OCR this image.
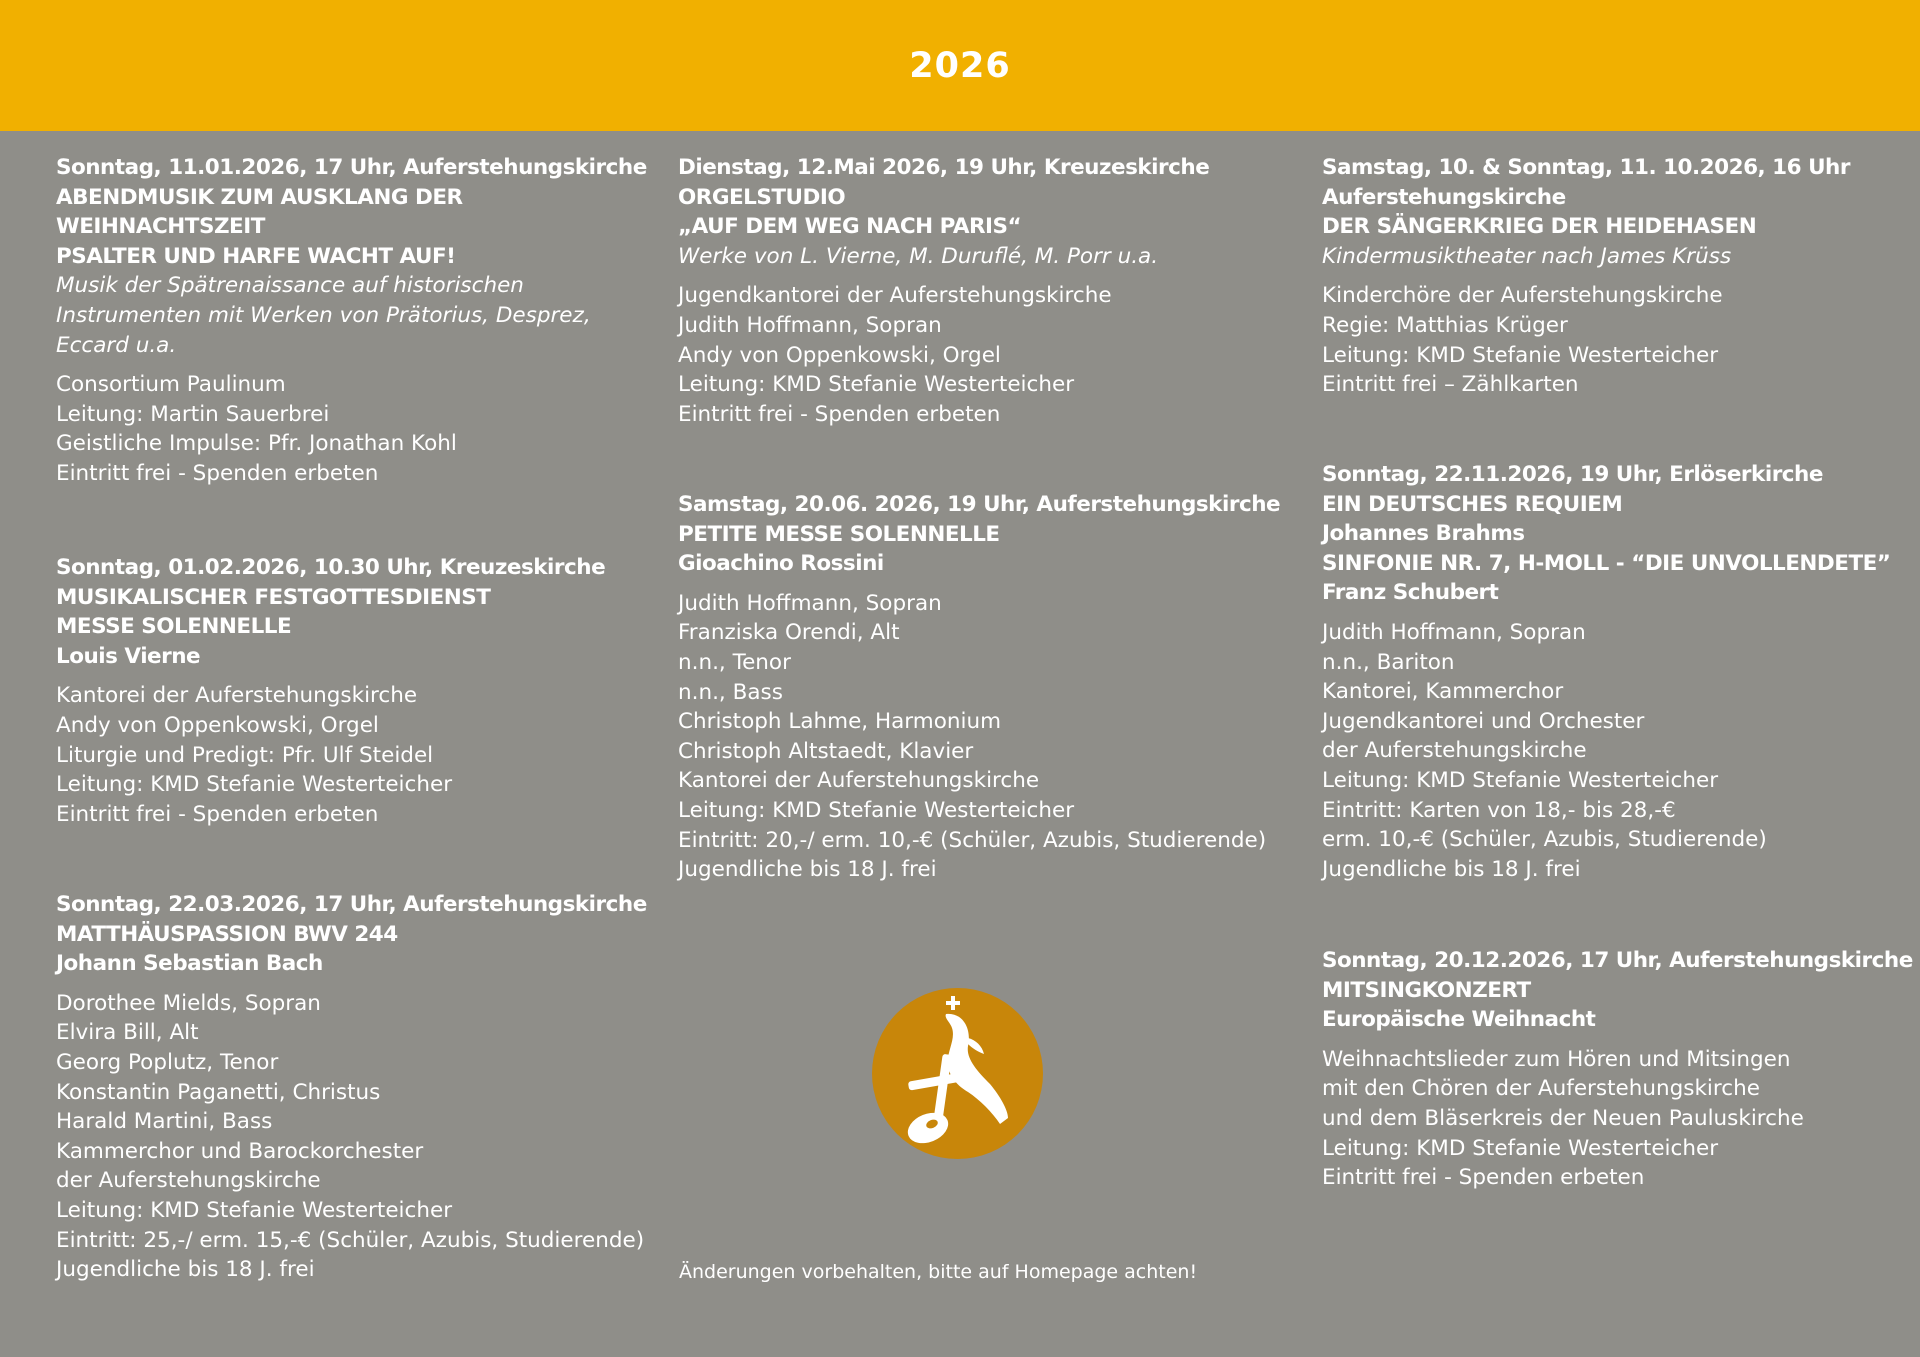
2026
Sonntag, 11.01.2026, 17 Uhr, Auferstehungskirche
ABENDMUSIK ZUM AUSKLANG DER
WEIHNACHTSZEIT
PSALTER UND HARFE WACHT AUF!
Musik der Spätrenaissance auf historischen
Instrumenten mit Werken von Prätorius, Desprez,
Eccard u.a.
Consortium Paulinum
Leitung: Martin Sauerbrei
Geistliche Impulse: Pfr. Jonathan Kohl
Eintritt frei - Spenden erbeten
Sonntag, 01.02.2026, 10.30 Uhr, Kreuzeskirche
MUSIKALISCHER FESTGOTTESDIENST
MESSE SOLENNELLE
Louis Vierne
Kantorei der Auferstehungskirche
Andy von Oppenkowski, Orgel
Liturgie und Predigt: Pfr. Ulf Steidel
Leitung: KMD Stefanie Westerteicher
Eintritt frei - Spenden erbeten
Sonntag, 22.03.2026, 17 Uhr, Auferstehungskirche
MATTHÄUSPASSION BWV 244
Johann Sebastian Bach
Dorothee Mields, Sopran
Elvira Bill, Alt
Georg Poplutz, Tenor
Konstantin Paganetti, Christus
Harald Martini, Bass
Kammerchor und Barockorchester
der Auferstehungskirche
Leitung: KMD Stefanie Westerteicher
Eintritt: 25,-/ erm. 15,-€ (Schüler, Azubis, Studierende)
Jugendliche bis 18 J. frei
Dienstag, 12.Mai 2026, 19 Uhr, Kreuzeskirche
ORGELSTUDIO
„AUF DEM WEG NACH PARIS“
Werke von L. Vierne, M. Duruflé, M. Porr u.a.
Jugendkantorei der Auferstehungskirche
Judith Hoffmann, Sopran
Andy von Oppenkowski, Orgel
Leitung: KMD Stefanie Westerteicher
Eintritt frei - Spenden erbeten
Samstag, 20.06. 2026, 19 Uhr, Auferstehungskirche
PETITE MESSE SOLENNELLE
Gioachino Rossini
Judith Hoffmann, Sopran
Franziska Orendi, Alt
n.n., Tenor
n.n., Bass
Christoph Lahme, Harmonium
Christoph Altstaedt, Klavier
Kantorei der Auferstehungskirche
Leitung: KMD Stefanie Westerteicher
Eintritt: 20,-/ erm. 10,-€ (Schüler, Azubis, Studierende)
Jugendliche bis 18 J. frei
Samstag, 10. & Sonntag, 11. 10.2026, 16 Uhr
Auferstehungskirche
DER SÄNGERKRIEG DER HEIDEHASEN
Kindermusiktheater nach James Krüss
Kinderchöre der Auferstehungskirche
Regie: Matthias Krüger
Leitung: KMD Stefanie Westerteicher
Eintritt frei – Zählkarten
Sonntag, 22.11.2026, 19 Uhr, Erlöserkirche
EIN DEUTSCHES REQUIEM
Johannes Brahms
SINFONIE NR. 7, H-MOLL - “DIE UNVOLLENDETE”
Franz Schubert
Judith Hoffmann, Sopran
n.n., Bariton
Kantorei, Kammerchor
Jugendkantorei und Orchester
der Auferstehungskirche
Leitung: KMD Stefanie Westerteicher
Eintritt: Karten von 18,- bis 28,-€
erm. 10,-€ (Schüler, Azubis, Studierende)
Jugendliche bis 18 J. frei
Sonntag, 20.12.2026, 17 Uhr, Auferstehungskirche
MITSINGKONZERT
Europäische Weihnacht
Weihnachtslieder zum Hören und Mitsingen
mit den Chören der Auferstehungskirche
und dem Bläserkreis der Neuen Pauluskirche
Leitung: KMD Stefanie Westerteicher
Eintritt frei - Spenden erbeten
Änderungen vorbehalten, bitte auf Homepage achten!
